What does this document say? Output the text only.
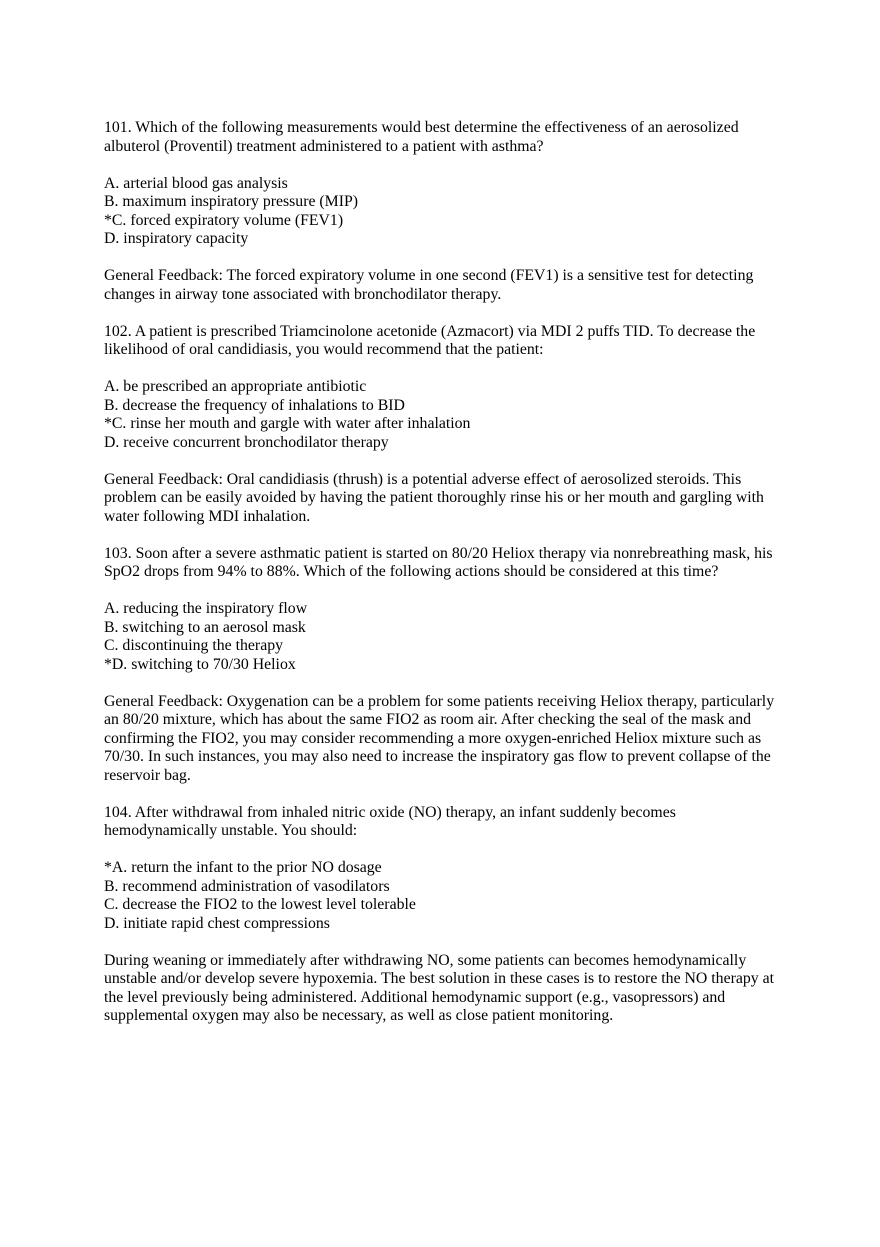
101. Which of the following measurements would best determine the effectiveness of an aerosolized albuterol (Proventil) treatment administered to a patient with asthma?

A. arterial blood gas analysis
B. maximum inspiratory pressure (MIP)
*C. forced expiratory volume (FEV1)
D. inspiratory capacity

General Feedback: The forced expiratory volume in one second (FEV1) is a sensitive test for detecting changes in airway tone associated with bronchodilator therapy.

102. A patient is prescribed Triamcinolone acetonide (Azmacort) via MDI 2 puffs TID. To decrease the likelihood of oral candidiasis, you would recommend that the patient:

A. be prescribed an appropriate antibiotic
B. decrease the frequency of inhalations to BID
*C. rinse her mouth and gargle with water after inhalation
D. receive concurrent bronchodilator therapy

General Feedback: Oral candidiasis (thrush) is a potential adverse effect of aerosolized steroids. This problem can be easily avoided by having the patient thoroughly rinse his or her mouth and gargling with water following MDI inhalation.

103. Soon after a severe asthmatic patient is started on 80/20 Heliox therapy via nonrebreathing mask, his SpO2 drops from 94% to 88%. Which of the following actions should be considered at this time?

A. reducing the inspiratory flow
B. switching to an aerosol mask
C. discontinuing the therapy
*D. switching to 70/30 Heliox

General Feedback: Oxygenation can be a problem for some patients receiving Heliox therapy, particularly an 80/20 mixture, which has about the same FIO2 as room air. After checking the seal of the mask and confirming the FIO2, you may consider recommending a more oxygen-enriched Heliox mixture such as 70/30. In such instances, you may also need to increase the inspiratory gas flow to prevent collapse of the reservoir bag.

104. After withdrawal from inhaled nitric oxide (NO) therapy, an infant suddenly becomes hemodynamically unstable. You should:

*A. return the infant to the prior NO dosage
B. recommend administration of vasodilators
C. decrease the FIO2 to the lowest level tolerable
D. initiate rapid chest compressions

During weaning or immediately after withdrawing NO, some patients can becomes hemodynamically unstable and/or develop severe hypoxemia. The best solution in these cases is to restore the NO therapy at the level previously being administered. Additional hemodynamic support (e.g., vasopressors) and supplemental oxygen may also be necessary, as well as close patient monitoring.
